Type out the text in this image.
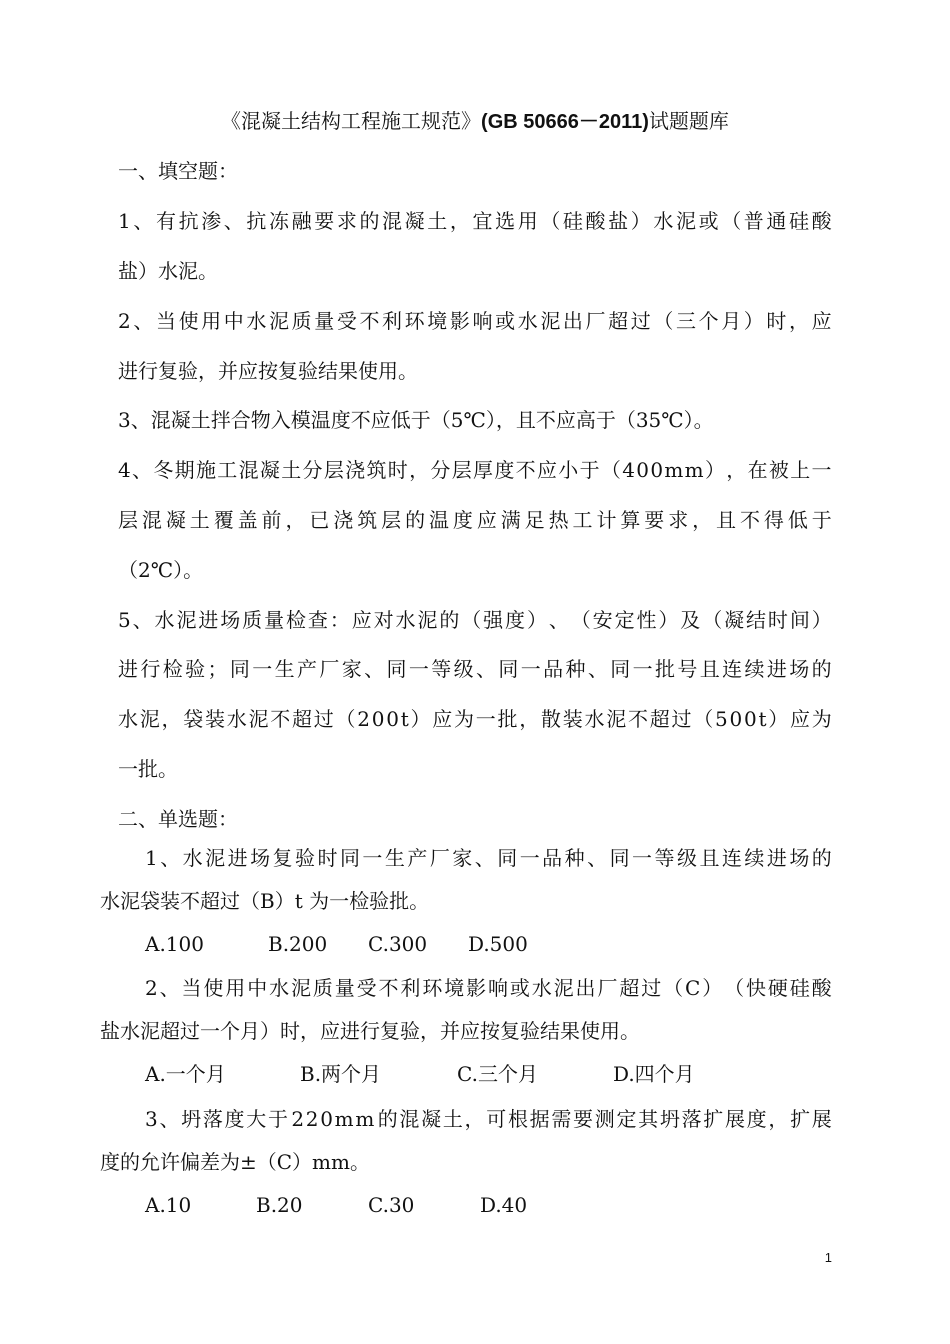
《混凝土结构工程施工规范》(GB 50666－2011)试题题库
一、填空题：
1 、 有 抗 渗 、 抗 冻 融 要 求 的 混 凝 土 ， 宜 选 用 （ 硅 酸 盐 ） 水 泥 或 （ 普 通 硅 酸
盐）水泥。
2 、 当 使 用 中 水 泥 质 量 受 不 利 环 境 影 响 或 水 泥 出 厂 超 过 （ 三 个 月 ） 时 ， 应
进行复验，并应按复验结果使用。
3、混凝土拌合物入模温度不应低于（5℃），且不应高于（35℃）。
4 、 冬 期 施 工 混 凝 土 分 层 浇 筑 时 ， 分 层 厚 度 不 应 小 于 （ 4 0 0 m m ） ， 在 被 上 一
层 混 凝 土 覆 盖 前 ， 已 浇 筑 层 的 温 度 应 满 足 热 工 计 算 要 求 ， 且 不 得 低 于
（2℃）。
5 、 水 泥 进 场 质 量 检 查 ： 应 对 水 泥 的 （ 强 度 ） 、 （ 安 定 性 ） 及 （ 凝 结 时 间 ）
进 行 检 验 ； 同 一 生 产 厂 家 、 同 一 等 级 、 同 一 品 种 、 同 一 批 号 且 连 续 进 场 的
水 泥 ， 袋 装 水 泥 不 超 过 （ 2 0 0 t ） 应 为 一 批 ， 散 装 水 泥 不 超 过 （ 5 0 0 t ） 应 为
一批。
二、单选题：
1 、 水 泥 进 场 复 验 时 同 一 生 产 厂 家 、 同 一 品 种 、 同 一 等 级 且 连 续 进 场 的
水泥袋装不超过（B）t 为一检验批。
A.100	B.200 C.300 D.500
2 、 当 使 用 中 水 泥 质 量 受 不 利 环 境 影 响 或 水 泥 出 厂 超 过 （ C ） （ 快 硬 硅 酸
盐水泥超过一个月）时，应进行复验，并应按复验结果使用。
A.一个月	B.两个月	C.三个月	D.四个月
3 、 坍 落 度 大 于 2 2 0 m m 的 混 凝 土 ， 可 根 据 需 要 测 定 其 坍 落 扩 展 度 ， 扩 展
度的允许偏差为±（C）mm。
A.10	B.20	C.30	D.40
1
